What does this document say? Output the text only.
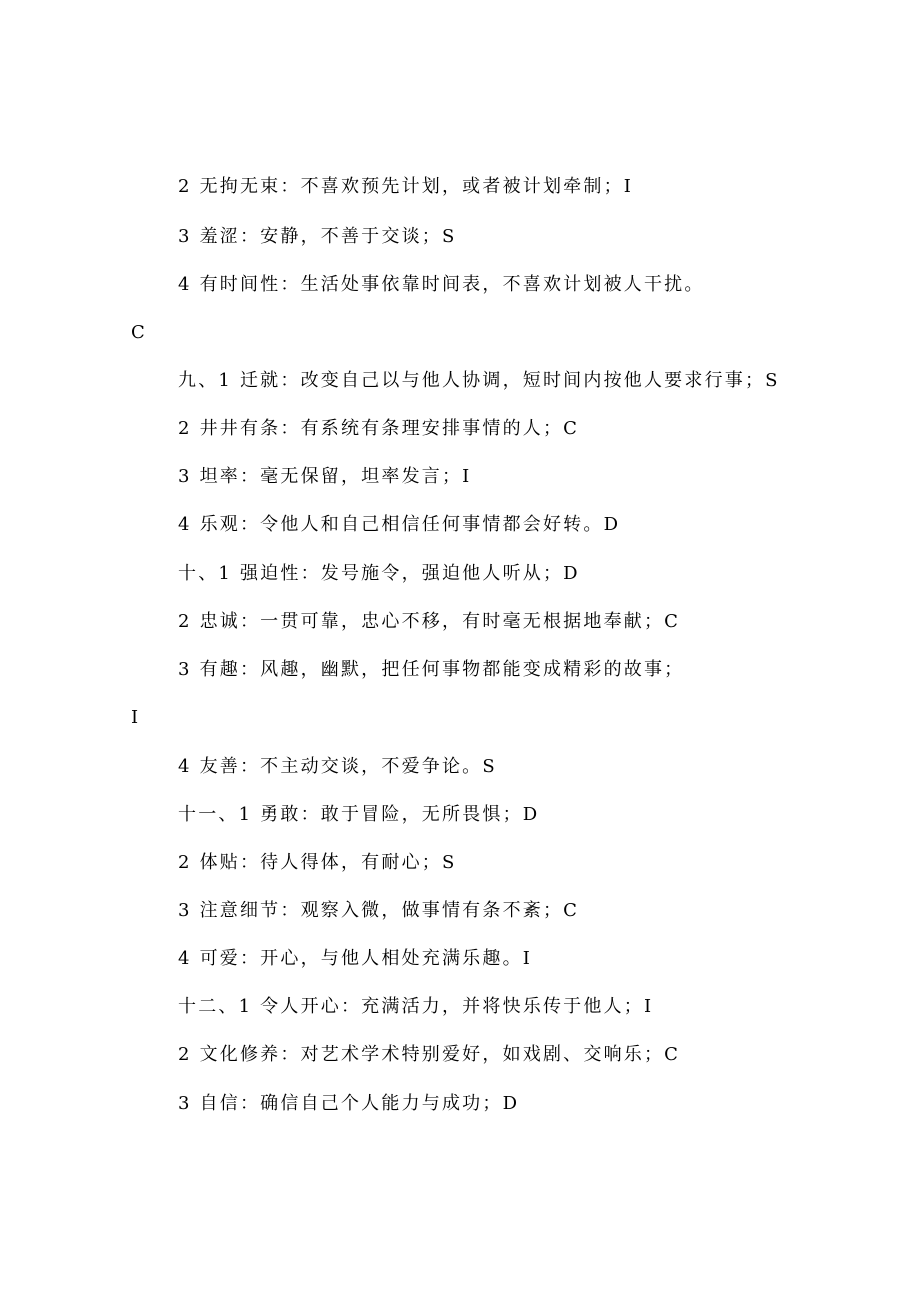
2 无拘无束：不喜欢预先计划，或者被计划牵制；I
3 羞涩：安静，不善于交谈；S
4 有时间性：生活处事依靠时间表，不喜欢计划被人干扰。
C
九、1 迁就：改变自己以与他人协调，短时间内按他人要求行事；S
2 井井有条：有系统有条理安排事情的人；C
3 坦率：毫无保留，坦率发言；I
4 乐观：令他人和自己相信任何事情都会好转。D
十、1 强迫性：发号施令，强迫他人听从；D
2 忠诚：一贯可靠，忠心不移，有时毫无根据地奉献；C
3 有趣：风趣，幽默，把任何事物都能变成精彩的故事；
I
4 友善：不主动交谈，不爱争论。S
十一、1 勇敢：敢于冒险，无所畏惧；D
2 体贴：待人得体，有耐心；S
3 注意细节：观察入微，做事情有条不紊；C
4 可爱：开心，与他人相处充满乐趣。I
十二、1 令人开心：充满活力，并将快乐传于他人；I
2 文化修养：对艺术学术特别爱好，如戏剧、交响乐；C
3 自信：确信自己个人能力与成功；D
